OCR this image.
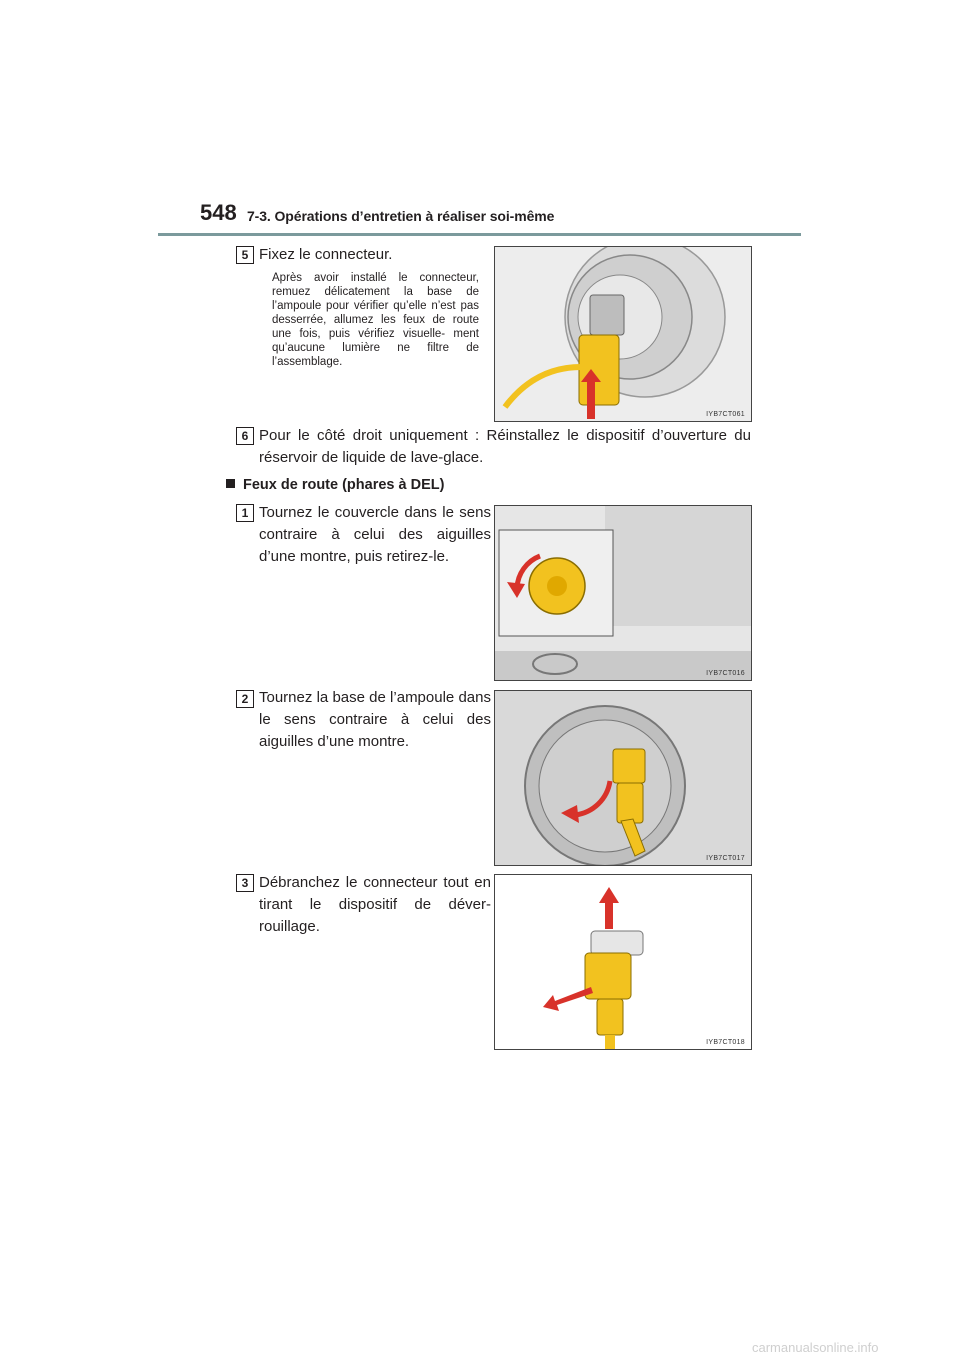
548 7-3. Opérations d’entretien à réaliser soi-même
5 Fixez le connecteur.
Après avoir installé le connecteur, remuez délicatement la base de l’ampoule pour vérifier qu’elle n’est pas desserrée, allumez les feux de route une fois, puis vérifiez visuelle- ment qu’aucune lumière ne filtre de l’assemblage.
IYB7CT061
6 Pour le côté droit uniquement : Réinstallez le dispositif d’ouverture du réservoir de liquide de lave-glace.
Feux de route (phares à DEL)
1 Tournez le couvercle dans le sens contraire à celui des aiguilles d’une montre, puis retirez-le.
IYB7CT016
2 Tournez la base de l’ampoule dans le sens contraire à celui des aiguilles d’une montre.
IYB7CT017
3 Débranchez le connecteur tout en tirant le dispositif de déver- rouillage.
IYB7CT018
carmanualsonline.info
